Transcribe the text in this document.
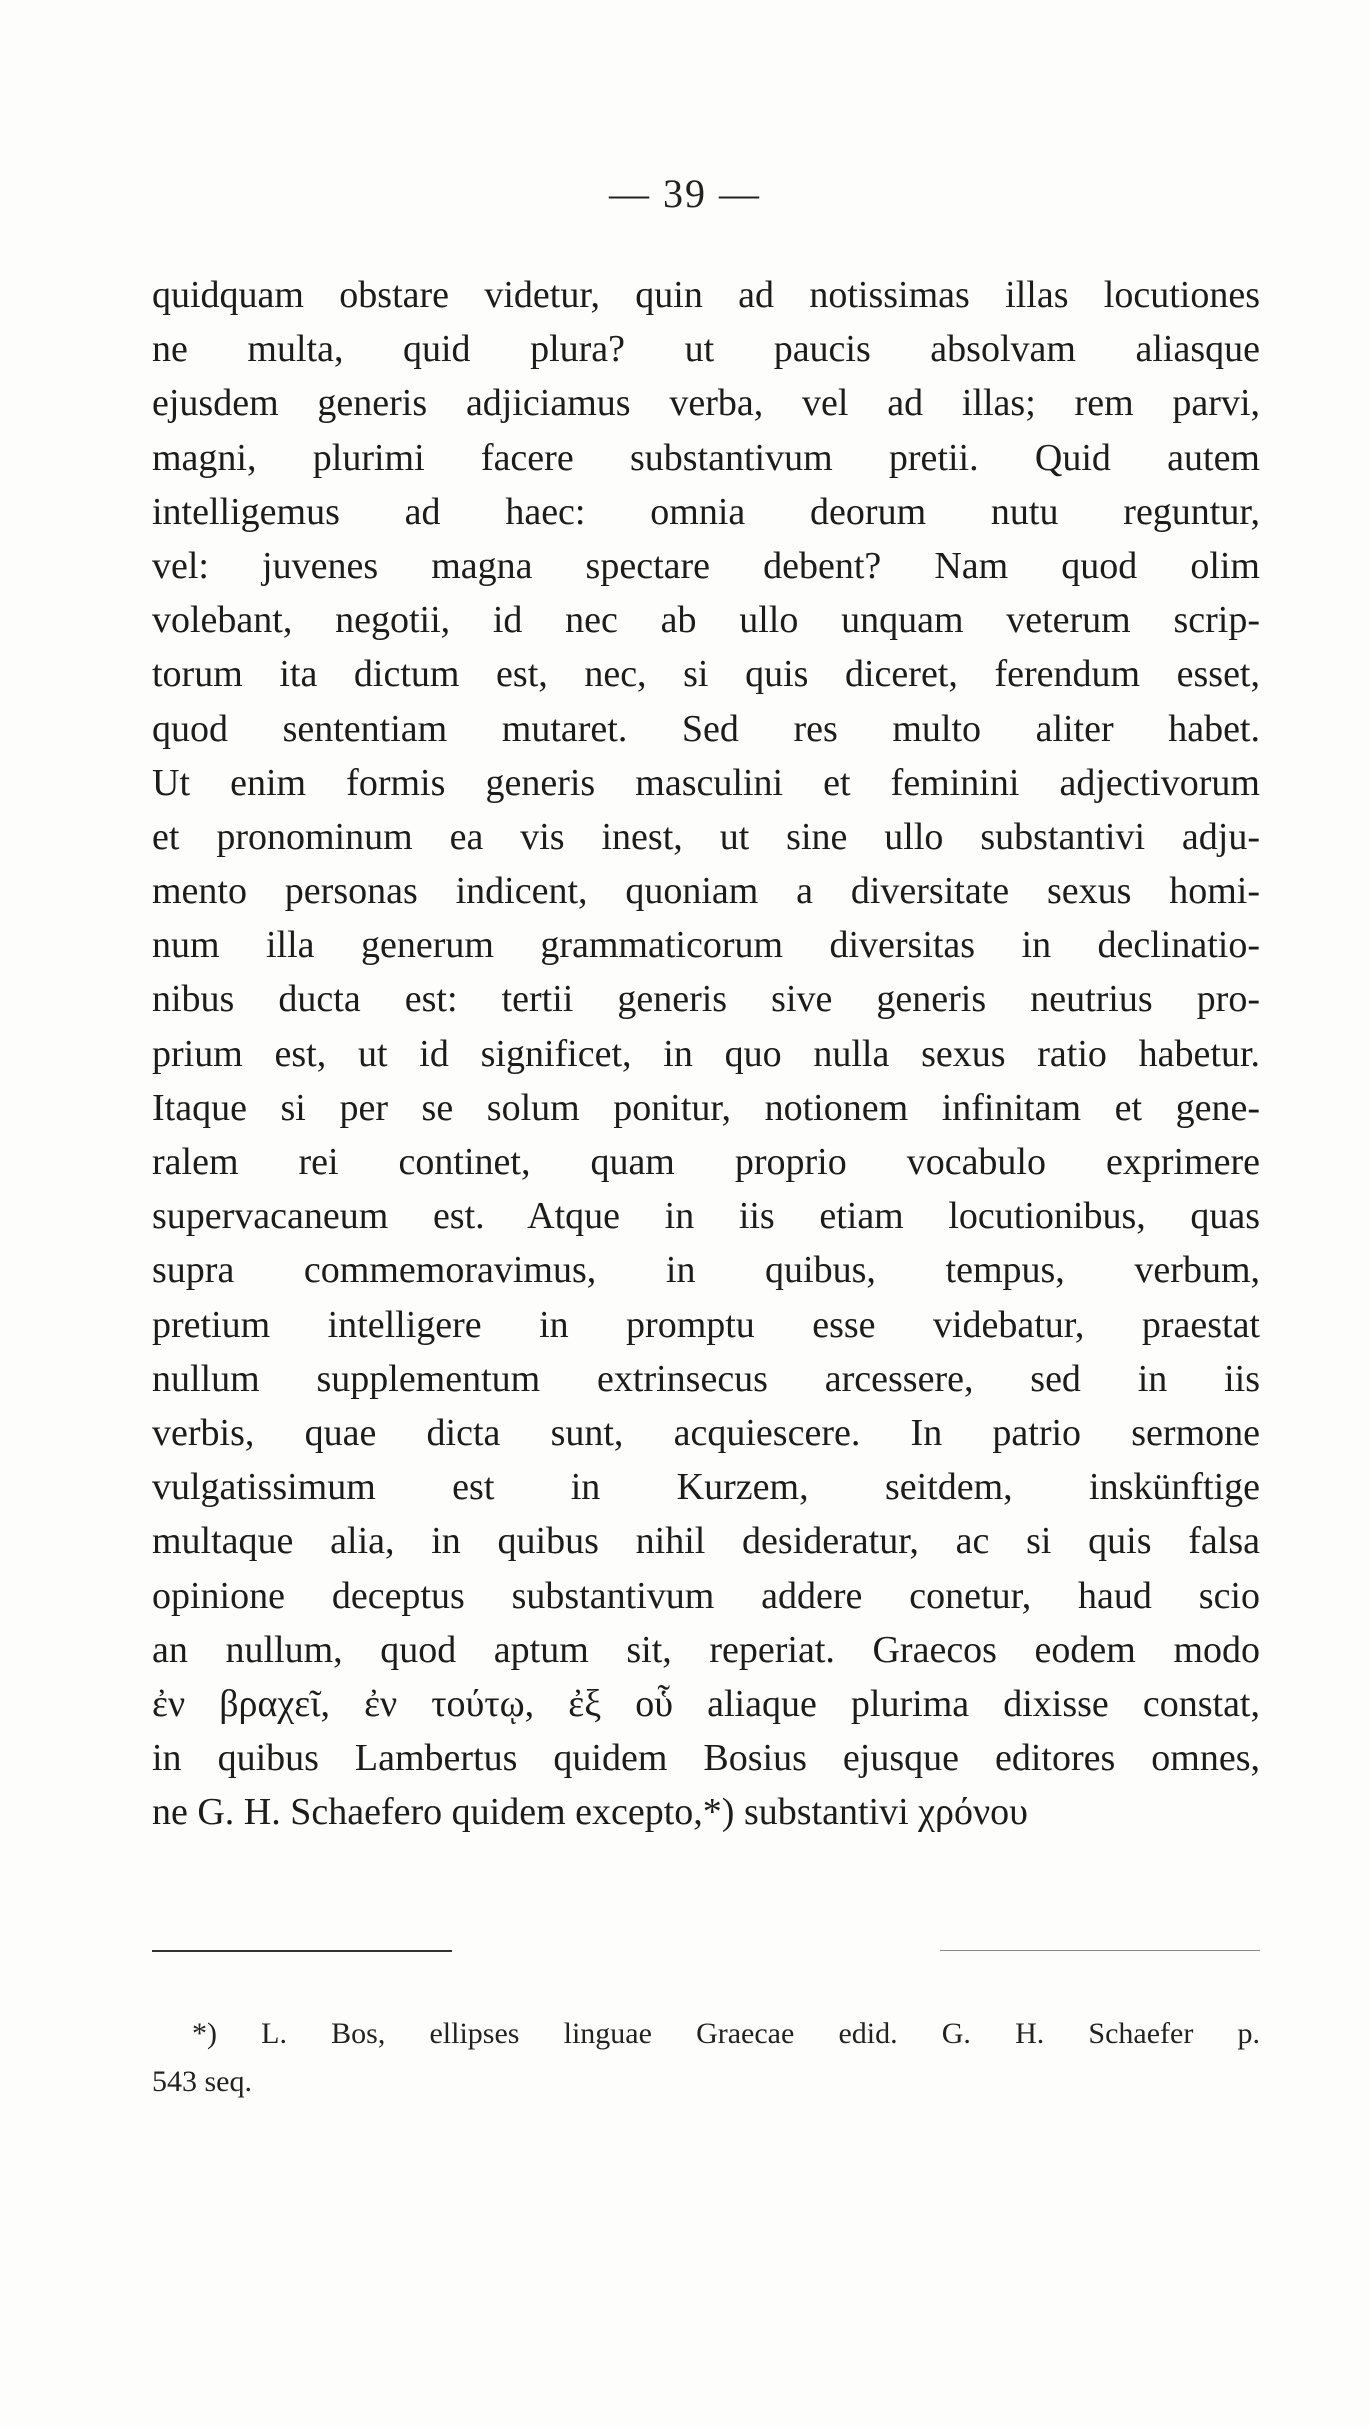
— 39 —
quidquam obstare videtur, quin ad notissimas illas locutiones
ne multa, quid plura? ut paucis absolvam aliasque
ejusdem generis adjiciamus verba, vel ad illas; rem parvi,
magni, plurimi facere substantivum pretii. Quid autem
intelligemus ad haec: omnia deorum nutu reguntur,
vel: juvenes magna spectare debent? Nam quod olim
volebant, negotii, id nec ab ullo unquam veterum scrip-
torum ita dictum est, nec, si quis diceret, ferendum esset,
quod sententiam mutaret. Sed res multo aliter habet.
Ut enim formis generis masculini et feminini adjectivorum
et pronominum ea vis inest, ut sine ullo substantivi adju-
mento personas indicent, quoniam a diversitate sexus homi-
num illa generum grammaticorum diversitas in declinatio-
nibus ducta est: tertii generis sive generis neutrius pro-
prium est, ut id significet, in quo nulla sexus ratio habetur.
Itaque si per se solum ponitur, notionem infinitam et gene-
ralem rei continet, quam proprio vocabulo exprimere
supervacaneum est. Atque in iis etiam locutionibus, quas
supra commemoravimus, in quibus, tempus, verbum,
pretium intelligere in promptu esse videbatur, praestat
nullum supplementum extrinsecus arcessere, sed in iis
verbis, quae dicta sunt, acquiescere. In patrio sermone
vulgatissimum est in Kurzem, seitdem, inskünftige
multaque alia, in quibus nihil desideratur, ac si quis falsa
opinione deceptus substantivum addere conetur, haud scio
an nullum, quod aptum sit, reperiat. Graecos eodem modo
ἐν βραχεῖ, ἐν τούτῳ, ἐξ οὗ aliaque plurima dixisse constat,
in quibus Lambertus quidem Bosius ejusque editores omnes,
ne G. H. Schaefero quidem excepto,*) substantivi χρόνου
*) L. Bos, ellipses linguae Graecae edid. G. H. Schaefer p.
543 seq.
